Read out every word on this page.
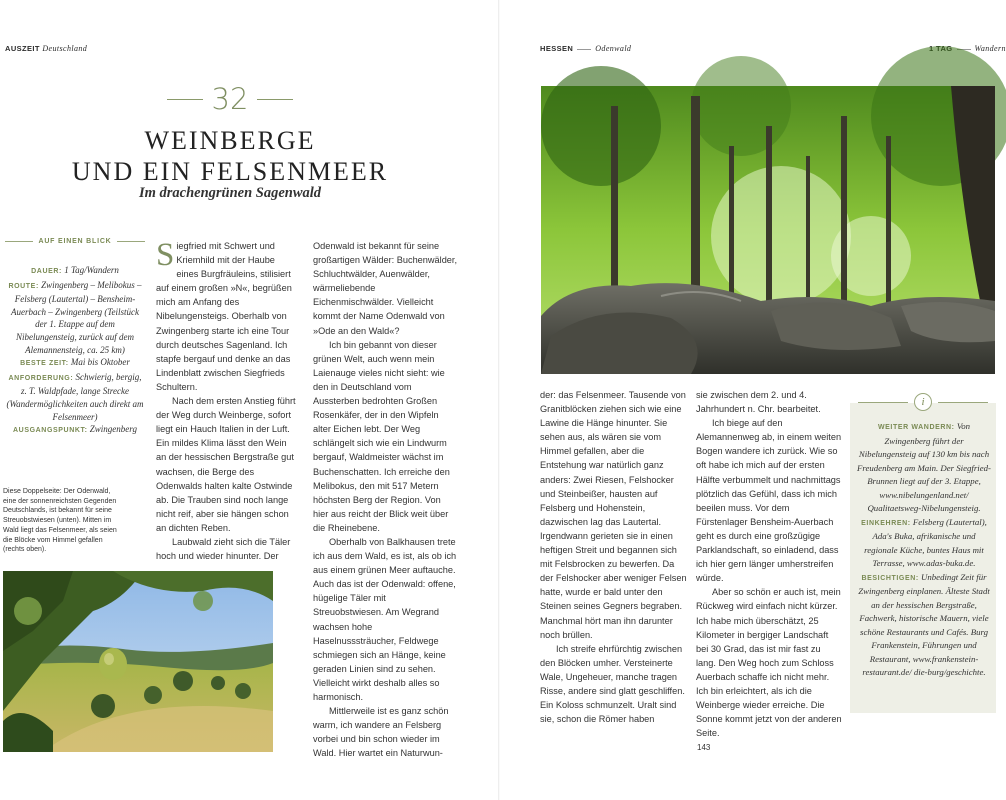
AUSZEIT Deutschland
32
WEINBERGE
UND EIN FELSENMEER
Im drachengrünen Sagenwald
AUF EINEN BLICK
DAUER: 1 Tag/Wandern
ROUTE: Zwingenberg – Melibokus – Felsberg (Lautertal) – Bensheim-Auerbach – Zwingenberg (Teilstück der 1. Etappe auf dem Nibelungensteig, zurück auf dem Alemannensteig, ca. 25 km)
BESTE ZEIT: Mai bis Oktober
ANFORDERUNG: Schwierig, bergig, z. T. Waldpfade, lange Strecke (Wandermöglichkeiten auch direkt am Felsenmeer)
AUSGANGSPUNKT: Zwingenberg
Diese Doppelseite: Der Odenwald, eine der sonnenreichsten Gegenden Deutschlands, ist bekannt für seine Streuobstwiesen (unten). Mitten im Wald liegt das Felsenmeer, als seien die Blöcke vom Himmel gefallen (rechts oben).

Siegfried mit Schwert und Kriemhild mit der Haube eines Burgfräuleins, stilisiert auf einem großen »N«, begrüßen mich am Anfang des Nibelungensteigs. Oberhalb von Zwingenberg starte ich eine Tour durch deutsches Sagenland. Ich stapfe bergauf und denke an das Lindenblatt zwischen Siegfrieds Schultern.

Nach dem ersten Anstieg führt der Weg durch Weinberge, sofort liegt ein Hauch Italien in der Luft. Ein mildes Klima lässt den Wein an der hessischen Bergstraße gut wachsen, die Berge des Odenwalds halten kalte Ostwinde ab. Die Trauben sind noch lange nicht reif, aber sie hängen schon an dichten Reben.

Laubwald zieht sich die Täler hoch und wieder hinunter. Der

Odenwald ist bekannt für seine großartigen Wälder: Buchenwälder, Schluchtwälder, Auenwälder, wärmeliebende Eichenmischwälder. Vielleicht kommt der Name Odenwald von »Ode an den Wald«?

Ich bin gebannt von dieser grünen Welt, auch wenn mein Laienauge vieles nicht sieht: wie den in Deutschland vom Aussterben bedrohten Großen Rosenkäfer, der in den Wipfeln alter Eichen lebt. Der Weg schlängelt sich wie ein Lindwurm bergauf, Waldmeister wächst im Buchenschatten. Ich erreiche den Melibokus, den mit 517 Metern höchsten Berg der Region. Von hier aus reicht der Blick weit über die Rheinebene.

Oberhalb von Balkhausen trete ich aus dem Wald, es ist, als ob ich aus einem grünen Meer auftauche. Auch das ist der Odenwald: offene, hügelige Täler mit Streuobstwiesen. Am Wegrand wachsen hohe Haselnusssträucher, Feldwege schmiegen sich an Hänge, keine geraden Linien sind zu sehen. Vielleicht wirkt deshalb alles so harmonisch.

Mittlerweile ist es ganz schön warm, ich wandere an Felsberg vorbei und bin schon wieder im Wald. Hier wartet ein Naturwun-

HESSEN	Odenwald	Wandern

der: das Felsenmeer. Tausende von Granitblöcken ziehen sich wie eine Lawine die Hänge hinunter. Sie sehen aus, als wären sie vom Himmel gefallen, aber die Entstehung war natürlich ganz anders: Zwei Riesen, Felshocker und Steinbeißer, hausten auf Felsberg und Hohenstein, dazwischen lag das Lautertal. Irgendwann gerieten sie in einen heftigen Streit und begannen sich mit Felsbrocken zu bewerfen. Da der Felshocker aber weniger Felsen hatte, wurde er bald unter den Steinen seines Gegners begraben. Manchmal hört man ihn darunter noch brüllen.

Ich streife ehrfürchtig zwischen den Blöcken umher. Versteinerte Wale, Ungeheuer, manche tragen Risse, andere sind glatt geschliffen. Ein Koloss schmunzelt. Uralt sind sie, schon die Römer haben

sie zwischen dem 2. und 4. Jahrhundert n. Chr. bearbeitet.

Ich biege auf den Alemannenweg ab, in einem weiten Bogen wandere ich zurück. Wie so oft habe ich mich auf der ersten Hälfte verbummelt und nachmittags plötzlich das Gefühl, dass ich mich beeilen muss. Vor dem Fürstenlager Bensheim-Auerbach geht es durch eine großzügige Parklandschaft, so einladend, dass ich hier gern länger umherstreifen würde.

Aber so schön er auch ist, mein Rückweg wird einfach nicht kürzer. Ich habe mich überschätzt, 25 Kilometer in bergiger Landschaft bei 30 Grad, das ist mir fast zu lang. Den Weg hoch zum Schloss Auerbach schaffe ich nicht mehr. Ich bin erleichtert, als ich die Weinberge wieder erreiche. Die Sonne kommt jetzt von der anderen Seite.

i
WEITER WANDERN: Von Zwingenberg führt der Nibelungensteig auf 130 km bis nach Freudenberg am Main. Der Siegfried-Brunnen liegt auf der 3. Etappe, www.nibelungenland.net/ Qualitaetsweg-Nibelungensteig.
EINKEHREN: Felsberg (Lautertal), Ada's Buka, afrikanische und regionale Küche, buntes Haus mit Terrasse, www.adas-buka.de.
BESICHTIGEN: Unbedingt Zeit für Zwingenberg einplanen. Älteste Stadt an der hessischen Bergstraße, Fachwerk, historische Mauern, viele schöne Restaurants und Cafés. Burg Frankenstein, Führungen und Restaurant, www.frankenstein-restaurant.de/ die-burg/geschichte.
143
